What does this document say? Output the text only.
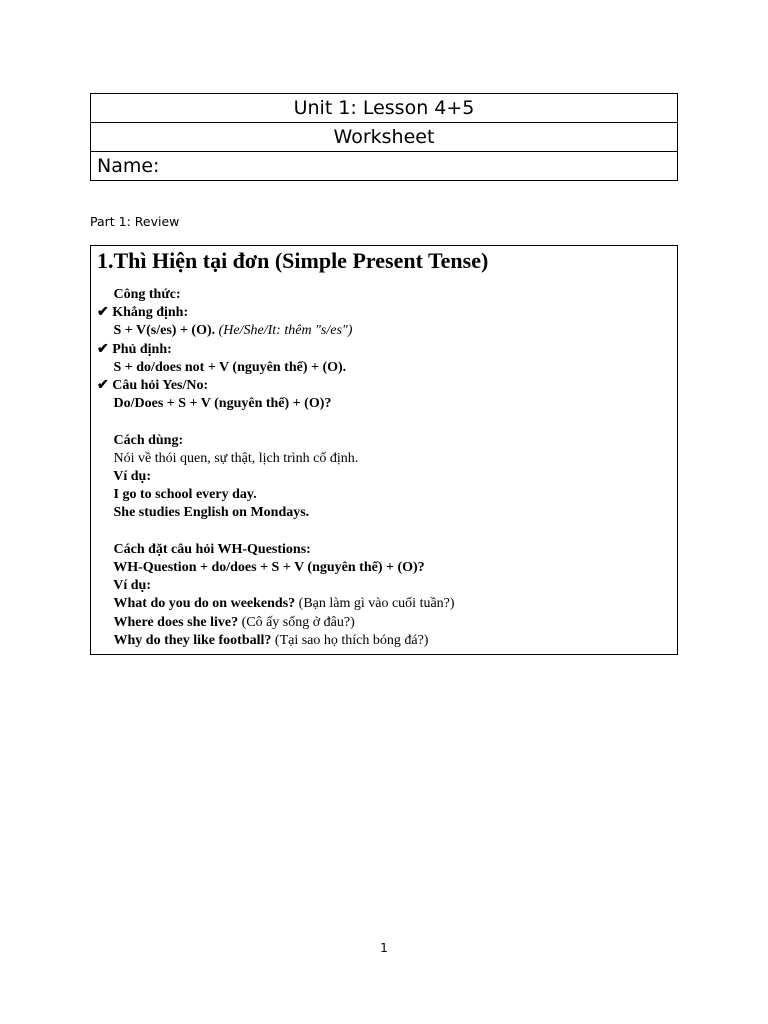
Unit 1: Lesson 4+5
Worksheet
Name:
Part 1: Review
1.Thì Hiện tại đơn (Simple Present Tense)
Công thức:
✔ Khẳng định:
S + V(s/es) + (O). (He/She/It: thêm "s/es")
✔ Phủ định:
S + do/does not + V (nguyên thể) + (O).
✔ Câu hỏi Yes/No:
Do/Does + S + V (nguyên thể) + (O)?
Cách dùng:
Nói về thói quen, sự thật, lịch trình cố định.
Ví dụ:
I go to school every day.
She studies English on Mondays.
Cách đặt câu hỏi WH-Questions:
WH-Question + do/does + S + V (nguyên thể) + (O)?
Ví dụ:
What do you do on weekends? (Bạn làm gì vào cuối tuần?)
Where does she live? (Cô ấy sống ở đâu?)
Why do they like football? (Tại sao họ thích bóng đá?)
1
